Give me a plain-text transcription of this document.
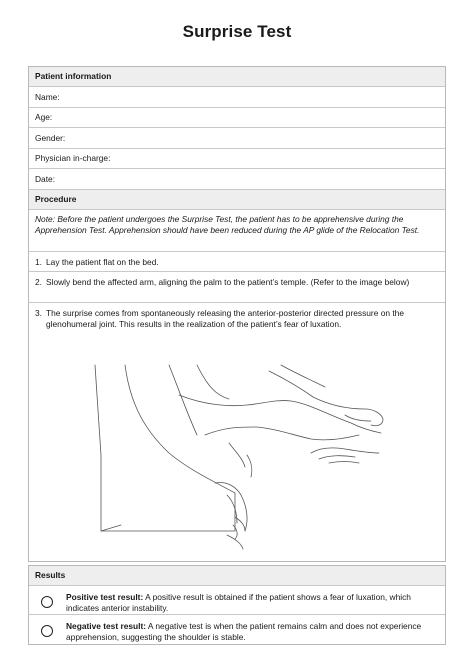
Surprise Test
Patient information
Name:
Age:
Gender:
Physician in-charge:
Date:
Procedure
Note: Before the patient undergoes the Surprise Test, the patient has to be apprehensive during the Apprehension Test. Apprehension should have been reduced during the AP glide of the Relocation Test.
1. Lay the patient flat on the bed.
2. Slowly bend the affected arm, aligning the palm to the patient’s temple. (Refer to the image below)
3. The surprise comes from spontaneously releasing the anterior-posterior directed pressure on the glenohumeral joint. This results in the realization of the patient’s fear of luxation.
Results
Positive test result: A positive result is obtained if the patient shows a fear of luxation, which indicates anterior instability.
Negative test result: A negative test is when the patient remains calm and does not experience apprehension, suggesting the shoulder is stable.
